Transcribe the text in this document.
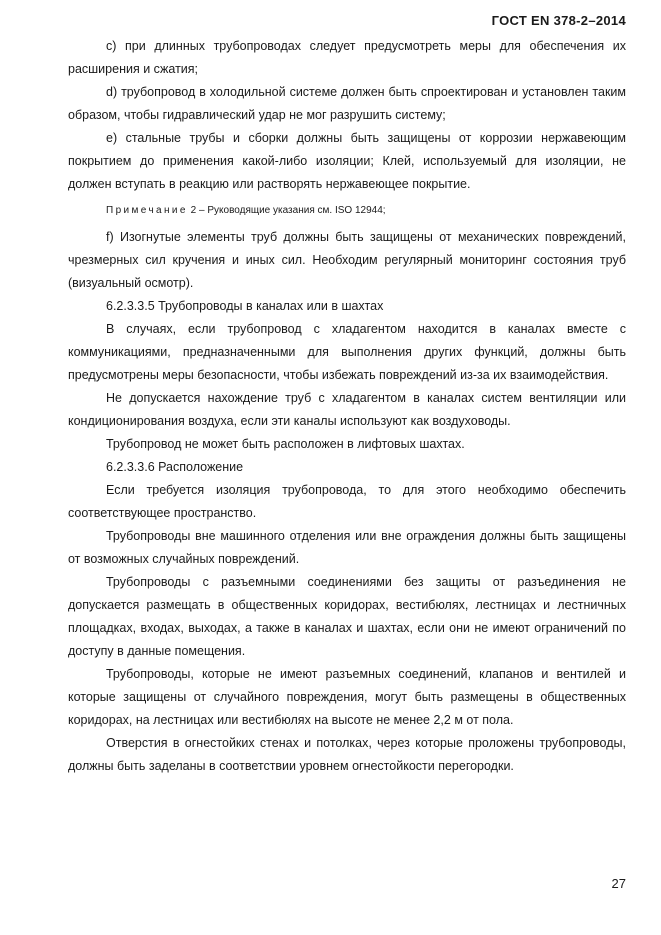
ГОСТ EN 378-2–2014

с) при длинных трубопроводах следует предусмотреть меры для обеспечения их расширения и сжатия;

d) трубопровод в холодильной системе должен быть спроектирован и установлен таким образом, чтобы гидравлический удар не мог разрушить систему;

е) стальные трубы и сборки должны быть защищены от коррозии нержавеющим покрытием до применения какой-либо изоляции; Клей, используемый для изоляции, не должен вступать в реакцию или растворять нержавеющее покрытие.

Примечание 2 – Руководящие указания см. ISO 12944;

f) Изогнутые элементы труб должны быть защищены от механических повреждений, чрезмерных сил кручения и иных сил. Необходим регулярный мониторинг состояния труб (визуальный осмотр).

6.2.3.3.5 Трубопроводы в каналах или в шахтах

В случаях, если трубопровод с хладагентом находится в каналах вместе с коммуникациями, предназначенными для выполнения других функций, должны быть предусмотрены меры безопасности, чтобы избежать повреждений из-за их взаимодействия.

Не допускается нахождение труб с хладагентом в каналах систем вентиляции или кондиционирования воздуха, если эти каналы используют как воздуховоды.

Трубопровод не может быть расположен в лифтовых шахтах.

6.2.3.3.6 Расположение

Если требуется изоляция трубопровода, то для этого необходимо обеспечить соответствующее пространство.

Трубопроводы вне машинного отделения или вне ограждения должны быть защищены от возможных случайных повреждений.

Трубопроводы с разъемными соединениями без защиты от разъединения не допускается размещать в общественных коридорах, вестибюлях, лестницах и лестничных площадках, входах, выходах, а также в каналах и шахтах, если они не имеют ограничений по доступу в данные помещения.

Трубопроводы, которые не имеют разъемных соединений, клапанов и вентилей и которые защищены от случайного повреждения, могут быть размещены в общественных коридорах, на лестницах или вестибюлях на высоте не менее 2,2 м от пола.

Отверстия в огнестойких стенах и потолках, через которые проложены трубопроводы, должны быть заделаны в соответствии уровнем огнестойкости перегородки.

27
